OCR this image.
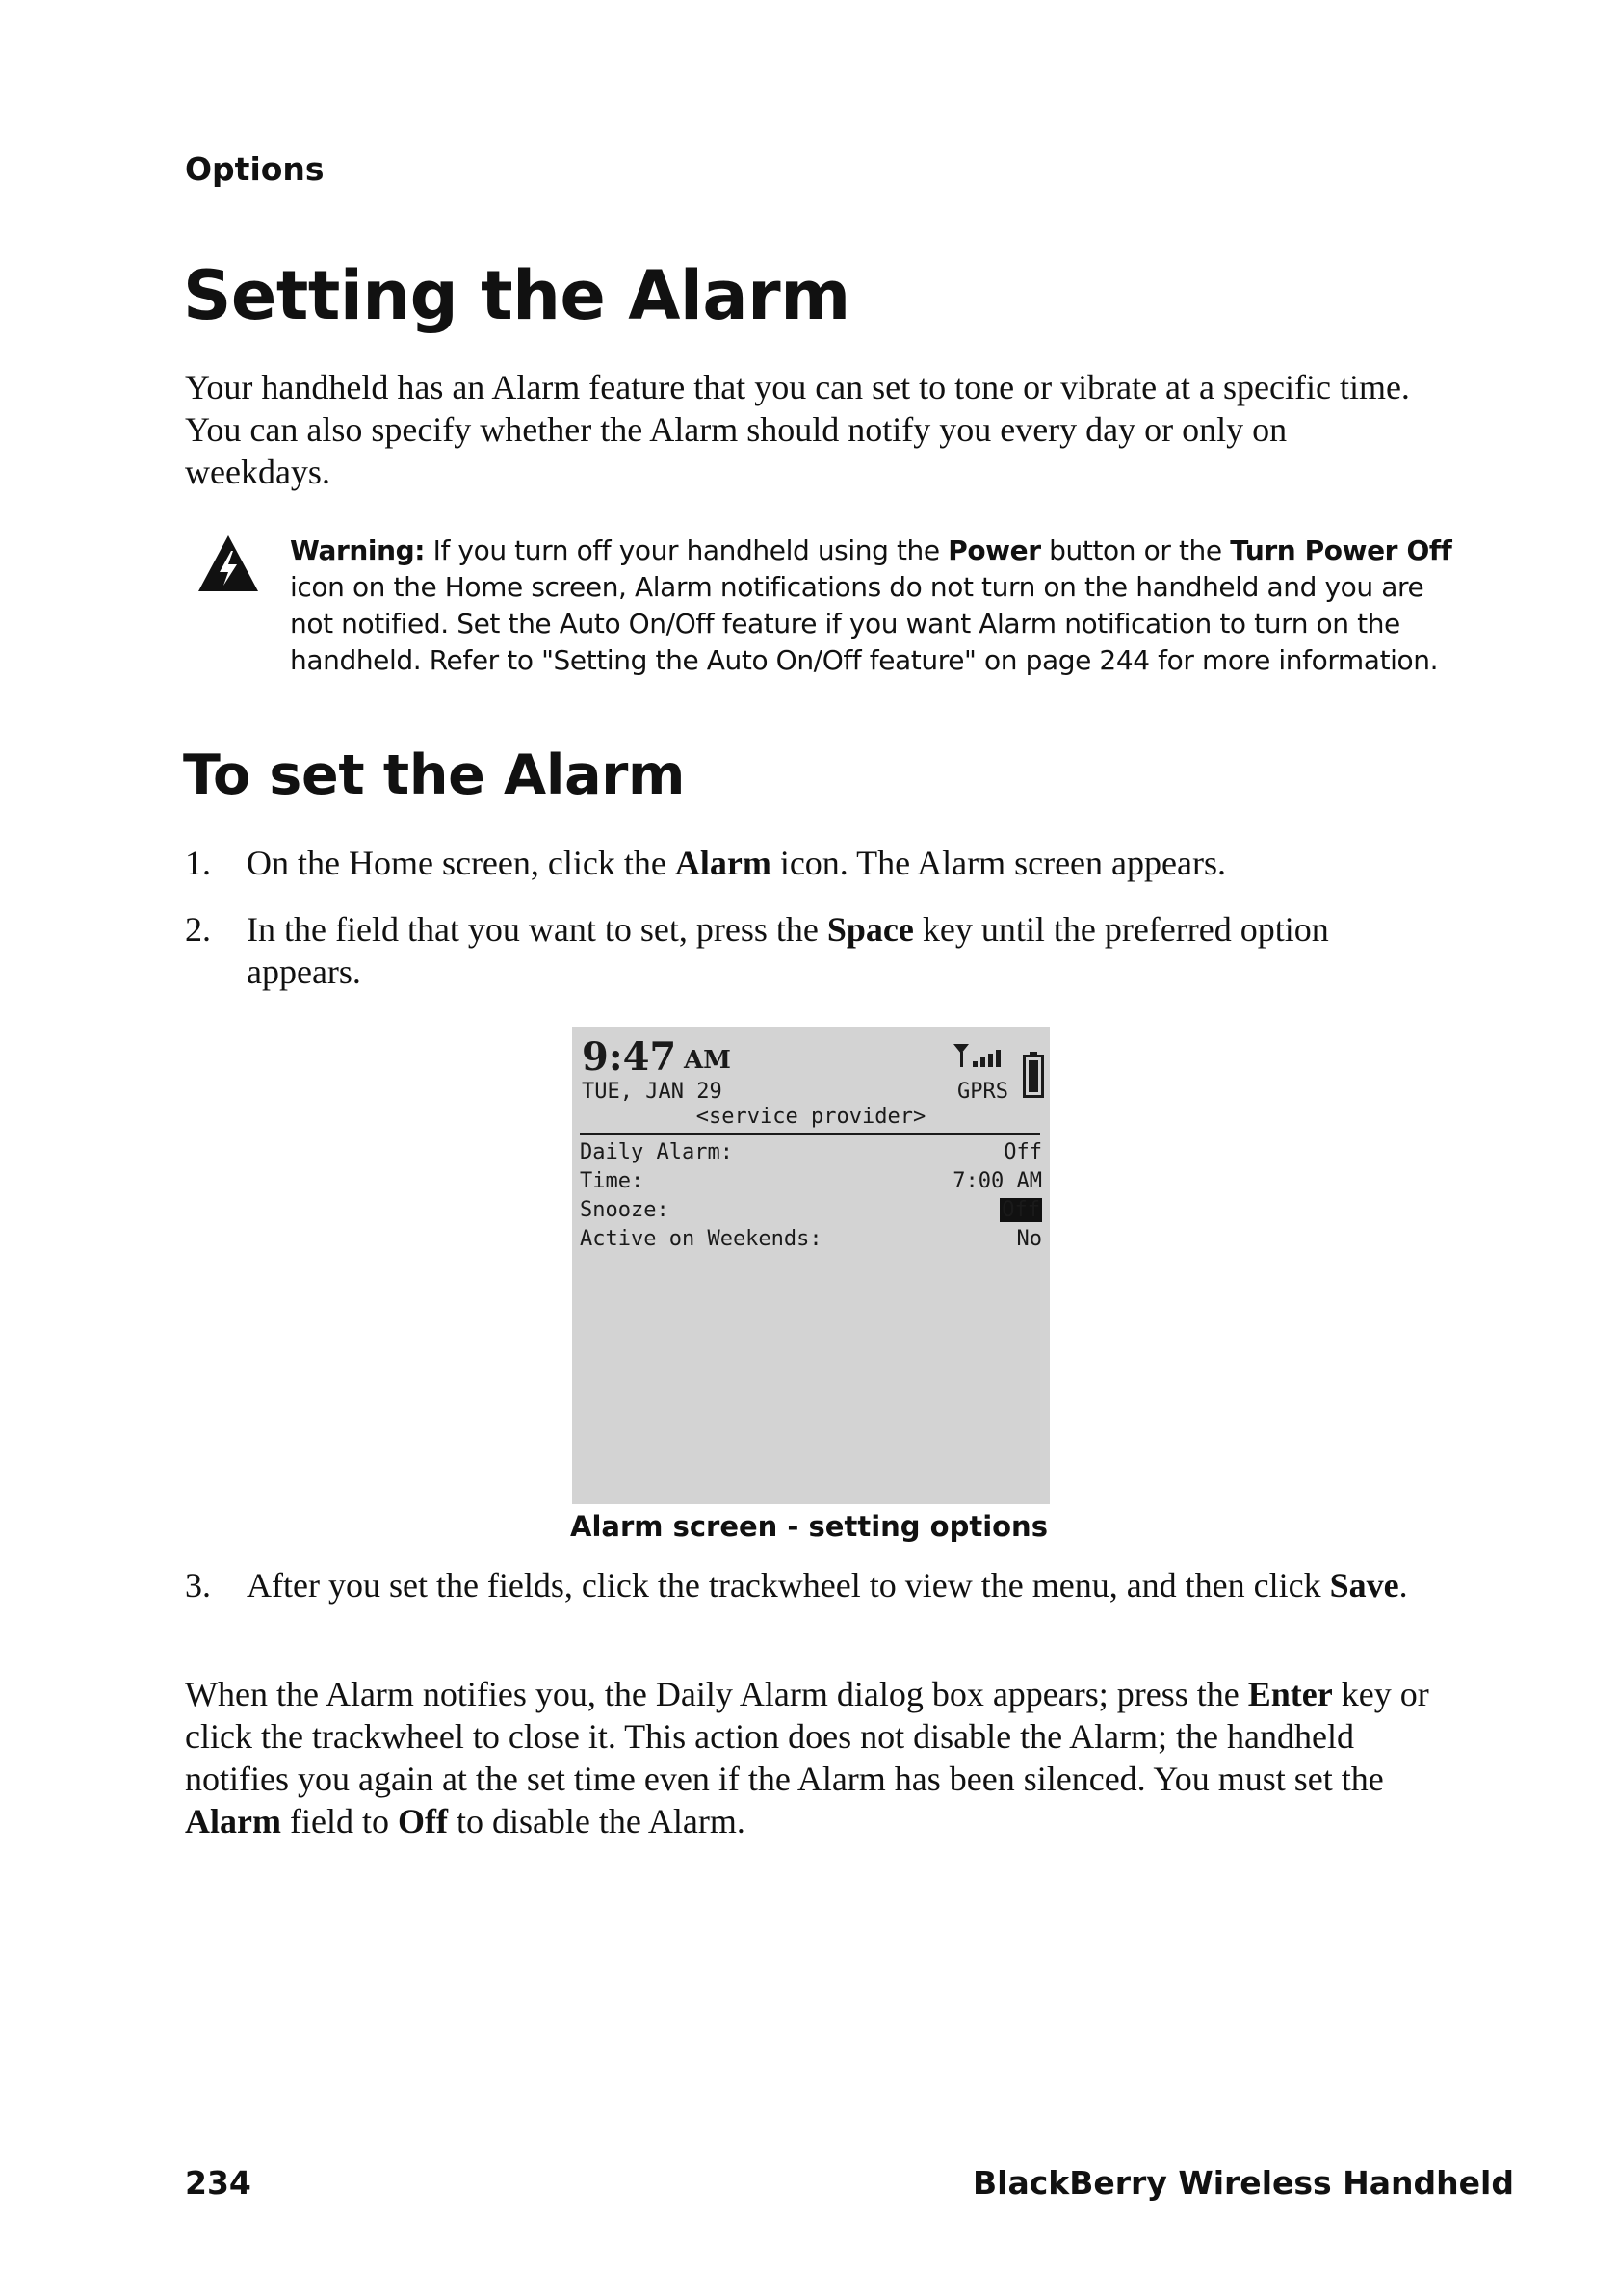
Options
Setting the Alarm

Your handheld has an Alarm feature that you can set to tone or vibrate at a specific time. You can also specify whether the Alarm should notify you every day or only on weekdays.

Warning: If you turn off your handheld using the Power button or the Turn Power Off icon on the Home screen, Alarm notifications do not turn on the handheld and you are not notified. Set the Auto On/Off feature if you want Alarm notification to turn on the handheld. Refer to "Setting the Auto On/Off feature" on page 244 for more information.

To set the Alarm
1. On the Home screen, click the Alarm icon. The Alarm screen appears.
2. In the field that you want to set, press the Space key until the preferred option appears.
9:47 AM
TUE, JAN 29	GPRS
<service provider>
Daily Alarm:	Off
Time:	7:00 AM
Snooze:	Off
Active on Weekends:	No
Alarm screen - setting options
3. After you set the fields, click the trackwheel to view the menu, and then click Save.

When the Alarm notifies you, the Daily Alarm dialog box appears; press the Enter key or click the trackwheel to close it. This action does not disable the Alarm; the handheld notifies you again at the set time even if the Alarm has been silenced. You must set the Alarm field to Off to disable the Alarm.

234	BlackBerry Wireless Handheld
